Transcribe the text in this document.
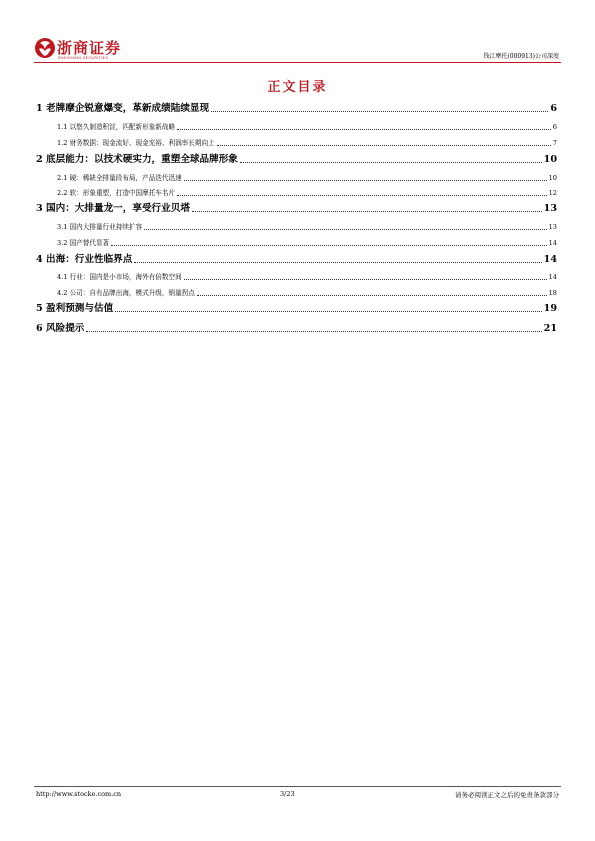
浙商证券
ZHESHANG SECURITIES	钱江摩托(000913)公司深度
正文目录
1 老牌摩企锐意爆变，革新成绩陆续显现	6
1.1 以悠久制造积淀，匹配新形象新战略	6
1.2 财务数据：现金流好、现金充裕、利润率长期向上	7
2 底层能力：以技术硬实力，重塑全球品牌形象	10
2.1 硬：稀缺全排量段布局，产品迭代迅速	10
2.2 软：形象重塑，打造中国摩托车名片	12
3 国内：大排量龙一，享受行业贝塔	13
3.1 国内大排量行业持续扩容	13
3.2 国产替代显著	14
4 出海：行业性临界点	14
4.1 行业：国内是小市场，海外有倍数空间	14
4.2 公司：自有品牌出海，模式升级，销量拐点	18
5 盈利预测与估值	19
6 风险提示	21
http://www.stocke.com.cn	3/23	请务必阅读正文之后的免责条款部分
